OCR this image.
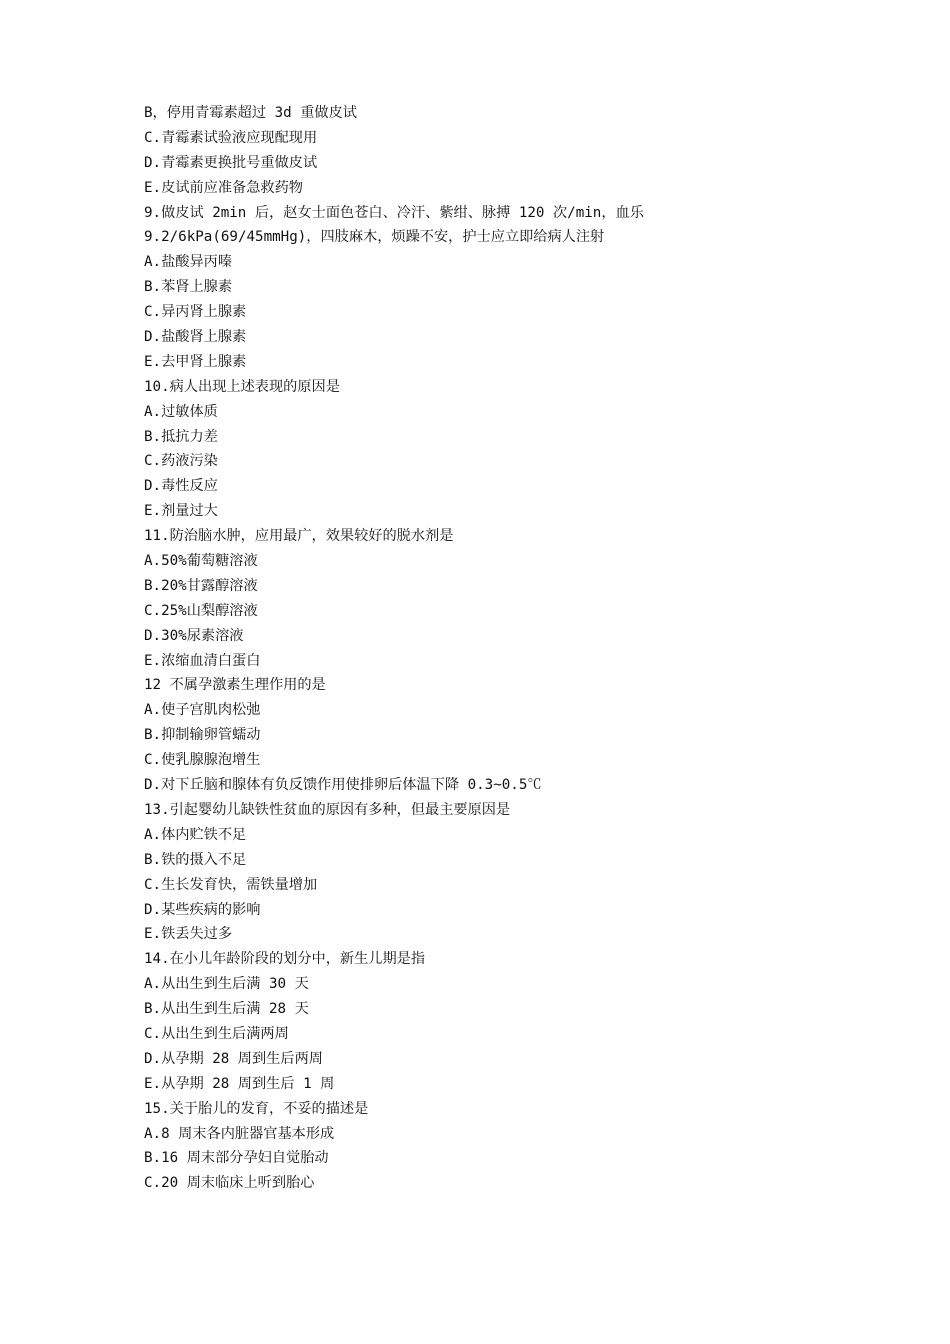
B，停用青霉素超过 3d 重做皮试
C.青霉素试验液应现配现用
D.青霉素更换批号重做皮试
E.皮试前应准备急救药物
9.做皮试 2min 后，赵女士面色苍白、冷汗、紫绀、脉搏 120 次/min，血乐
9.2/6kPa(69/45mmHg)，四肢麻木，烦躁不安，护士应立即给病人注射
A.盐酸异丙嗪
B.苯肾上腺素
C.异丙肾上腺素
D.盐酸肾上腺素
E.去甲肾上腺素
10.病人出现上述表现的原因是
A.过敏体质
B.抵抗力差
C.药液污染
D.毒性反应
E.剂量过大
11.防治脑水肿，应用最广，效果较好的脱水剂是
A.50%葡萄糖溶液
B.20%甘露醇溶液
C.25%山梨醇溶液
D.30%尿素溶液
E.浓缩血清白蛋白
12 不属孕激素生理作用的是
A.使子宫肌肉松弛
B.抑制输卵管蠕动
C.使乳腺腺泡增生
D.对下丘脑和腺体有负反馈作用使排卵后体温下降 0.3~0.5℃
13.引起婴幼儿缺铁性贫血的原因有多种，但最主要原因是
A.体内贮铁不足
B.铁的摄入不足
C.生长发育快，需铁量增加
D.某些疾病的影响
E.铁丢失过多
14.在小儿年龄阶段的划分中，新生儿期是指
A.从出生到生后满 30 天
B.从出生到生后满 28 天
C.从出生到生后满两周
D.从孕期 28 周到生后两周
E.从孕期 28 周到生后 1 周
15.关于胎儿的发育，不妥的描述是
A.8 周末各内脏器官基本形成
B.16 周末部分孕妇自觉胎动
C.20 周末临床上听到胎心
